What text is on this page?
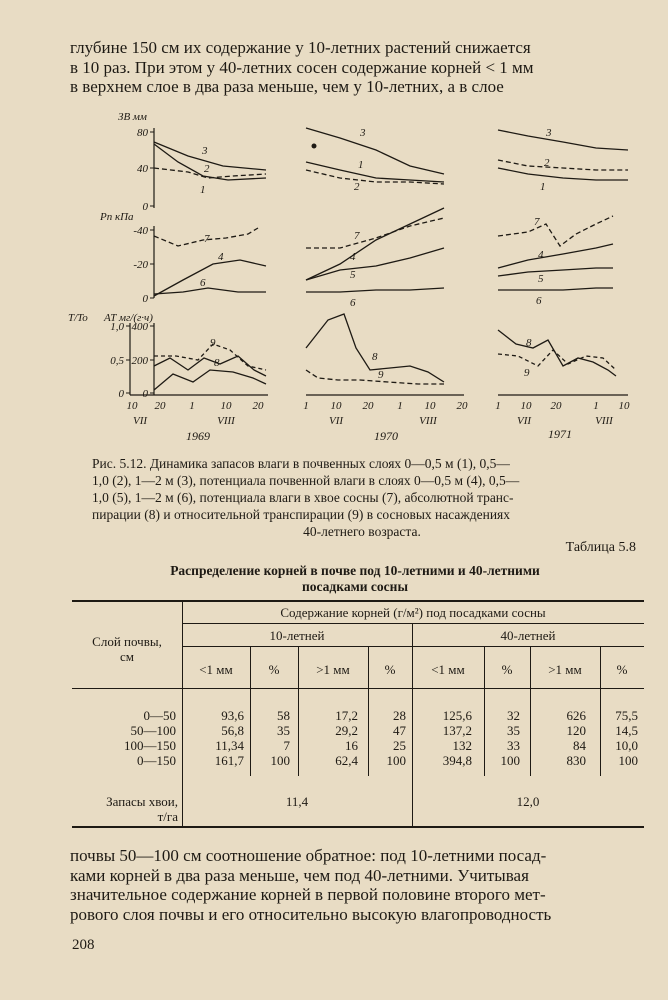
глубине 150 см их содержание у 10-летних растений снижается
в 10 раз. При этом у 40-летних сосен содержание корней < 1 мм
в верхнем слое в два раза меньше, чем у 10-летних, а в слое
ЗВ мм
Pп кПа
T/To AT мг/(г·ч)
80
40
0
-40
-20
0
1,0
0,5
0
400
200
0
3
2
1
7
4
6
9
8
3
1
2
7
4
5
6
8
9
3
2
1
7
4
5
6
8
9
10 20 1 10 20	1 10 20 1 10 20	1 10 20	1 10
VII	VIII	VII	VIII	VII	VIII
1969	1970	1971
Рис. 5.12. Динамика запасов влаги в почвенных слоях 0—0,5 м (1), 0,5—
1,0 (2), 1—2 м (3), потенциала почвенной влаги в слоях 0—0,5 м (4), 0,5—
1,0 (5), 1—2 м (6), потенциала влаги в хвое сосны (7), абсолютной транс-
пирации (8) и относительной транспирации (9) в сосновых насаждениях
40-летнего возраста.
Таблица 5.8
Распределение корней в почве под 10-летними и 40-летними
посадками сосны
Слой почвы,
см
Содержание корней (г/м²) под посадками сосны
10-летней	40-летней
<1 мм	%	>1 мм	%	<1 мм	%	>1 мм	%
0—50	93,6	58	17,2	28	125,6	32	626	75,5
50—100	56,8	35	29,2	47	137,2	35	120	14,5
100—150	11,34	7	16	25	132	33	84	10,0
0—150	161,7	100	62,4	100	394,8	100	830	100
Запасы хвои,
т/га
11,4	12,0
почвы 50—100 см соотношение обратное: под 10-летними посад-
ками корней в два раза меньше, чем под 40-летними. Учитывая
значительное содержание корней в первой половине второго мет-
рового слоя почвы и его относительно высокую влагопроводность
208
